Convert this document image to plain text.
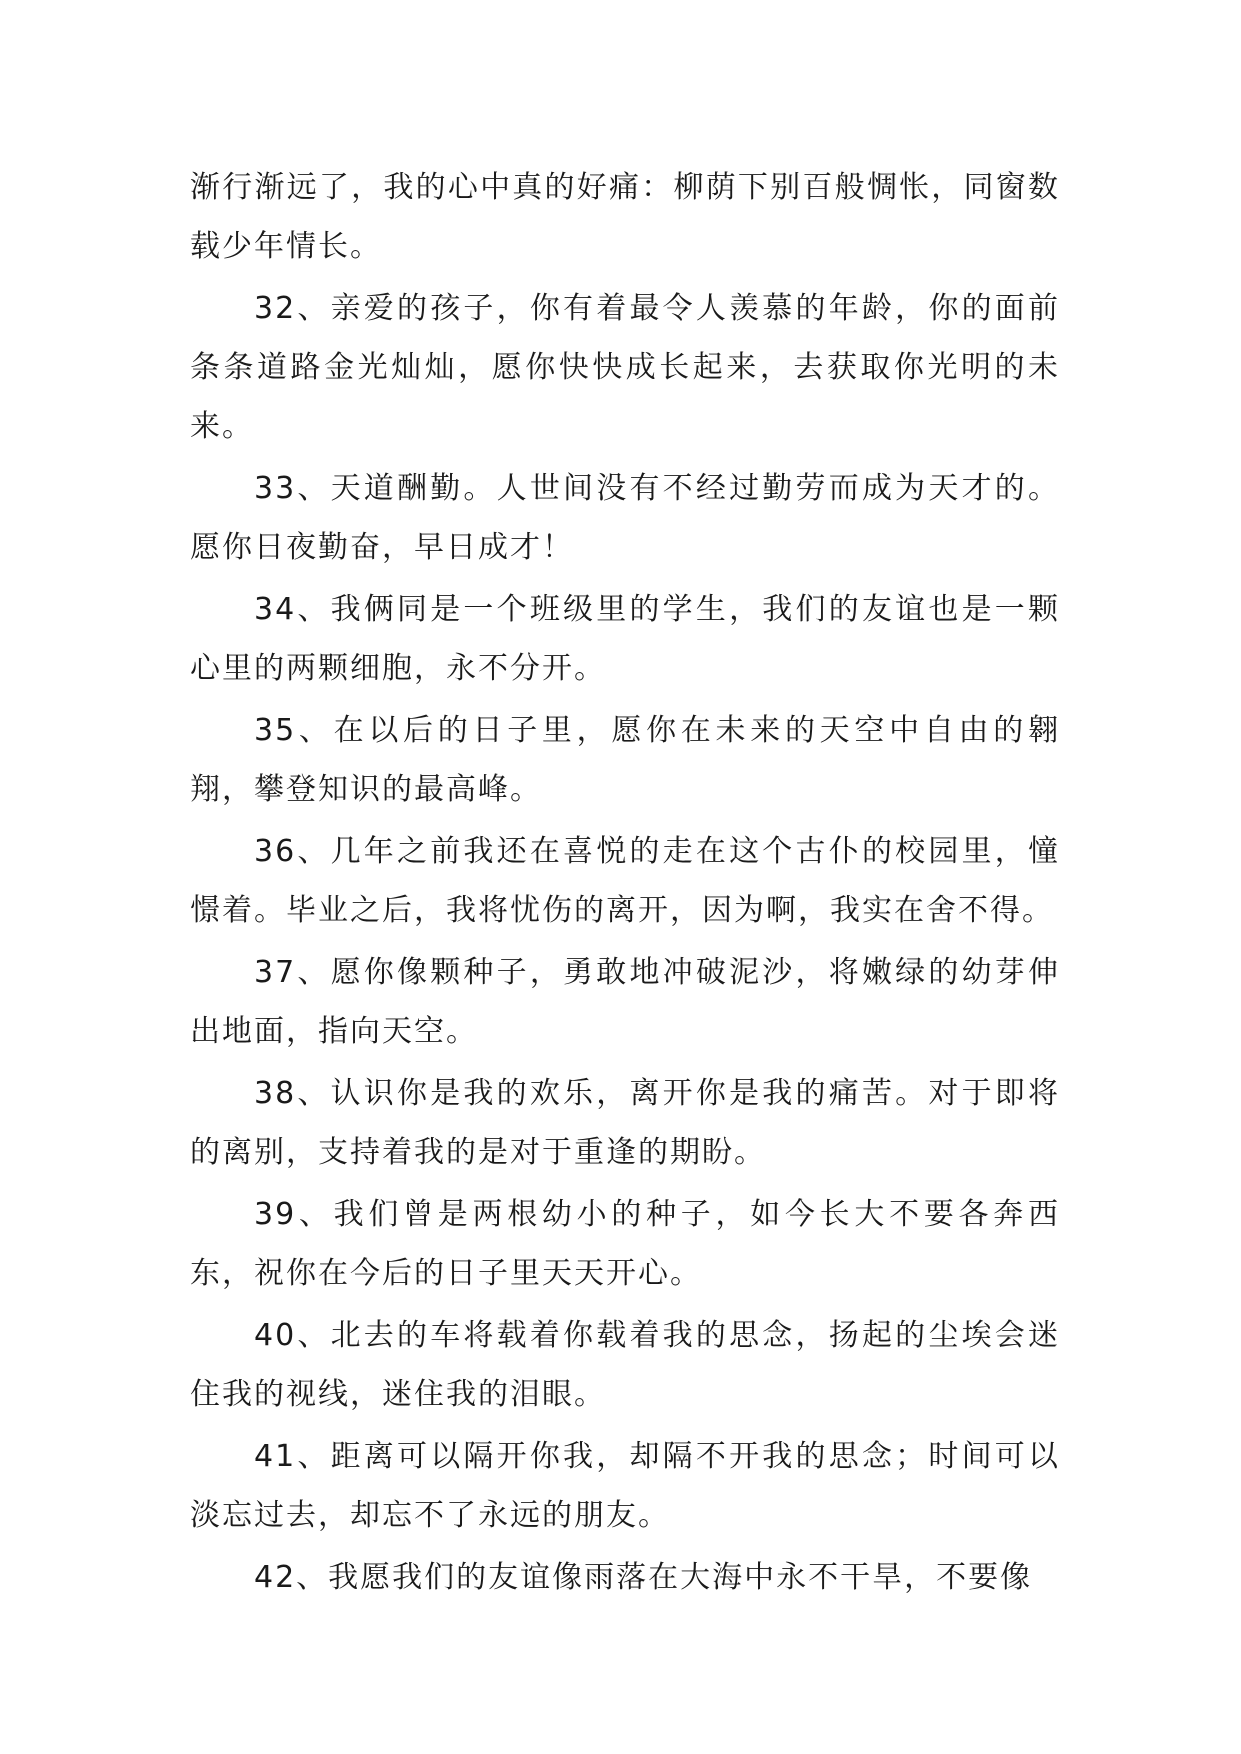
渐行渐远了，我的心中真的好痛：柳荫下别百般惆怅，同窗数载少年情长。

32、亲爱的孩子，你有着最令人羡慕的年龄，你的面前条条道路金光灿灿，愿你快快成长起来，去获取你光明的未来。

33、天道酬勤。人世间没有不经过勤劳而成为天才的。愿你日夜勤奋，早日成才！

34、我俩同是一个班级里的学生，我们的友谊也是一颗心里的两颗细胞，永不分开。

35、在以后的日子里，愿你在未来的天空中自由的翱翔，攀登知识的最高峰。

36、几年之前我还在喜悦的走在这个古仆的校园里，憧憬着。毕业之后，我将忧伤的离开，因为啊，我实在舍不得。

37、愿你像颗种子，勇敢地冲破泥沙，将嫩绿的幼芽伸出地面，指向天空。

38、认识你是我的欢乐，离开你是我的痛苦。对于即将的离别，支持着我的是对于重逢的期盼。

39、我们曾是两根幼小的种子，如今长大不要各奔西东，祝你在今后的日子里天天开心。

40、北去的车将载着你载着我的思念，扬起的尘埃会迷住我的视线，迷住我的泪眼。

41、距离可以隔开你我，却隔不开我的思念；时间可以淡忘过去，却忘不了永远的朋友。

42、我愿我们的友谊像雨落在大海中永不干旱，不要像
